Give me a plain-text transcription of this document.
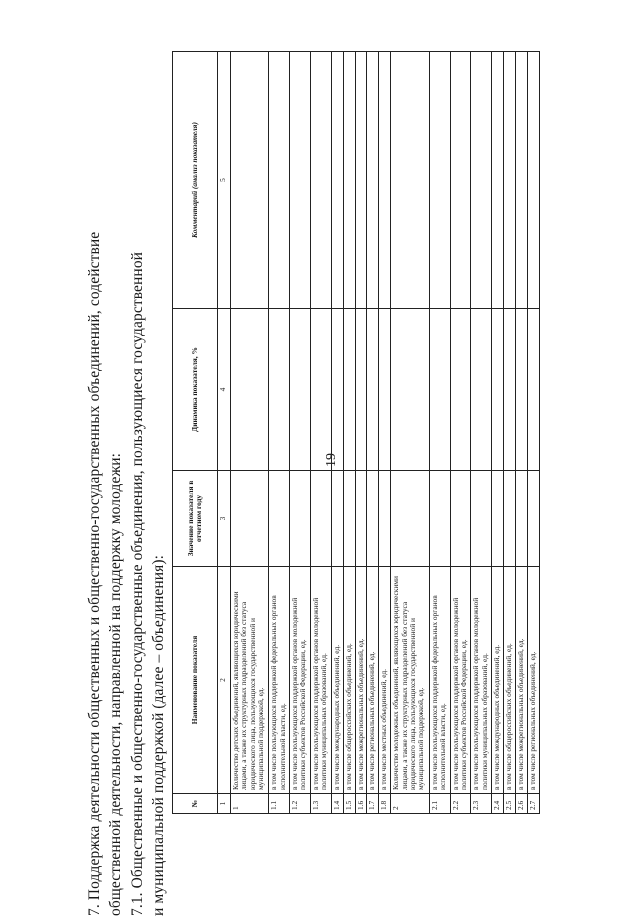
19
7. Поддержка деятельности общественных и общественно-государственных объединений, содействие общественной деятельности, направленной на поддержку молодежи: 7.1. Общественные и общественно-государственные объединения, пользующиеся государственной и муниципальной поддержкой (далее – объединения):	№	Наименование показателя	Значение показателя в отчетном году	Динамика показателя, %	Комментарий (анализ показателя)
1	2	3	4	5
1	Количество детских объединений, являющихся юридическими лицами, а также их структурных подразделений без статуса юридического лица, пользующихся государственной и муниципальной поддержкой, ед.			
1.1	в том числе пользующихся поддержкой федеральных органов исполнительной власти, ед.			
1.2	в том числе пользующихся поддержкой органов молодежной политики субъектов Российской Федерации, ед.			
1.3	в том числе пользующихся поддержкой органов молодежной политики муниципальных образований, ед.			
1.4	в том числе международных объединений, ед.			
1.5	в том числе общероссийских объединений, ед.			
1.6	в том числе межрегиональных объединений, ед.			
1.7	в том числе региональных объединений, ед.			
1.8	в том числе местных объединений, ед.			
2	Количество молодежных объединений, являющихся юридическими лицами, а также их структурных подразделений без статуса юридического лица, пользующихся государственной и муниципальной поддержкой, ед.			
2.1	в том числе пользующихся поддержкой федеральных органов исполнительной власти, ед.			
2.2	в том числе пользующихся поддержкой органов молодежной политики субъектов Российской Федерации, ед.			
2.3	в том числе пользующихся поддержкой органов молодежной политики муниципальных образований, ед.			
2.4	в том числе международных объединений, ед.			
2.5	в том числе общероссийских объединений, ед.			
2.6	в том числе межрегиональных объединений, ед.			
2.7	в том числе региональных объединений, ед.			
